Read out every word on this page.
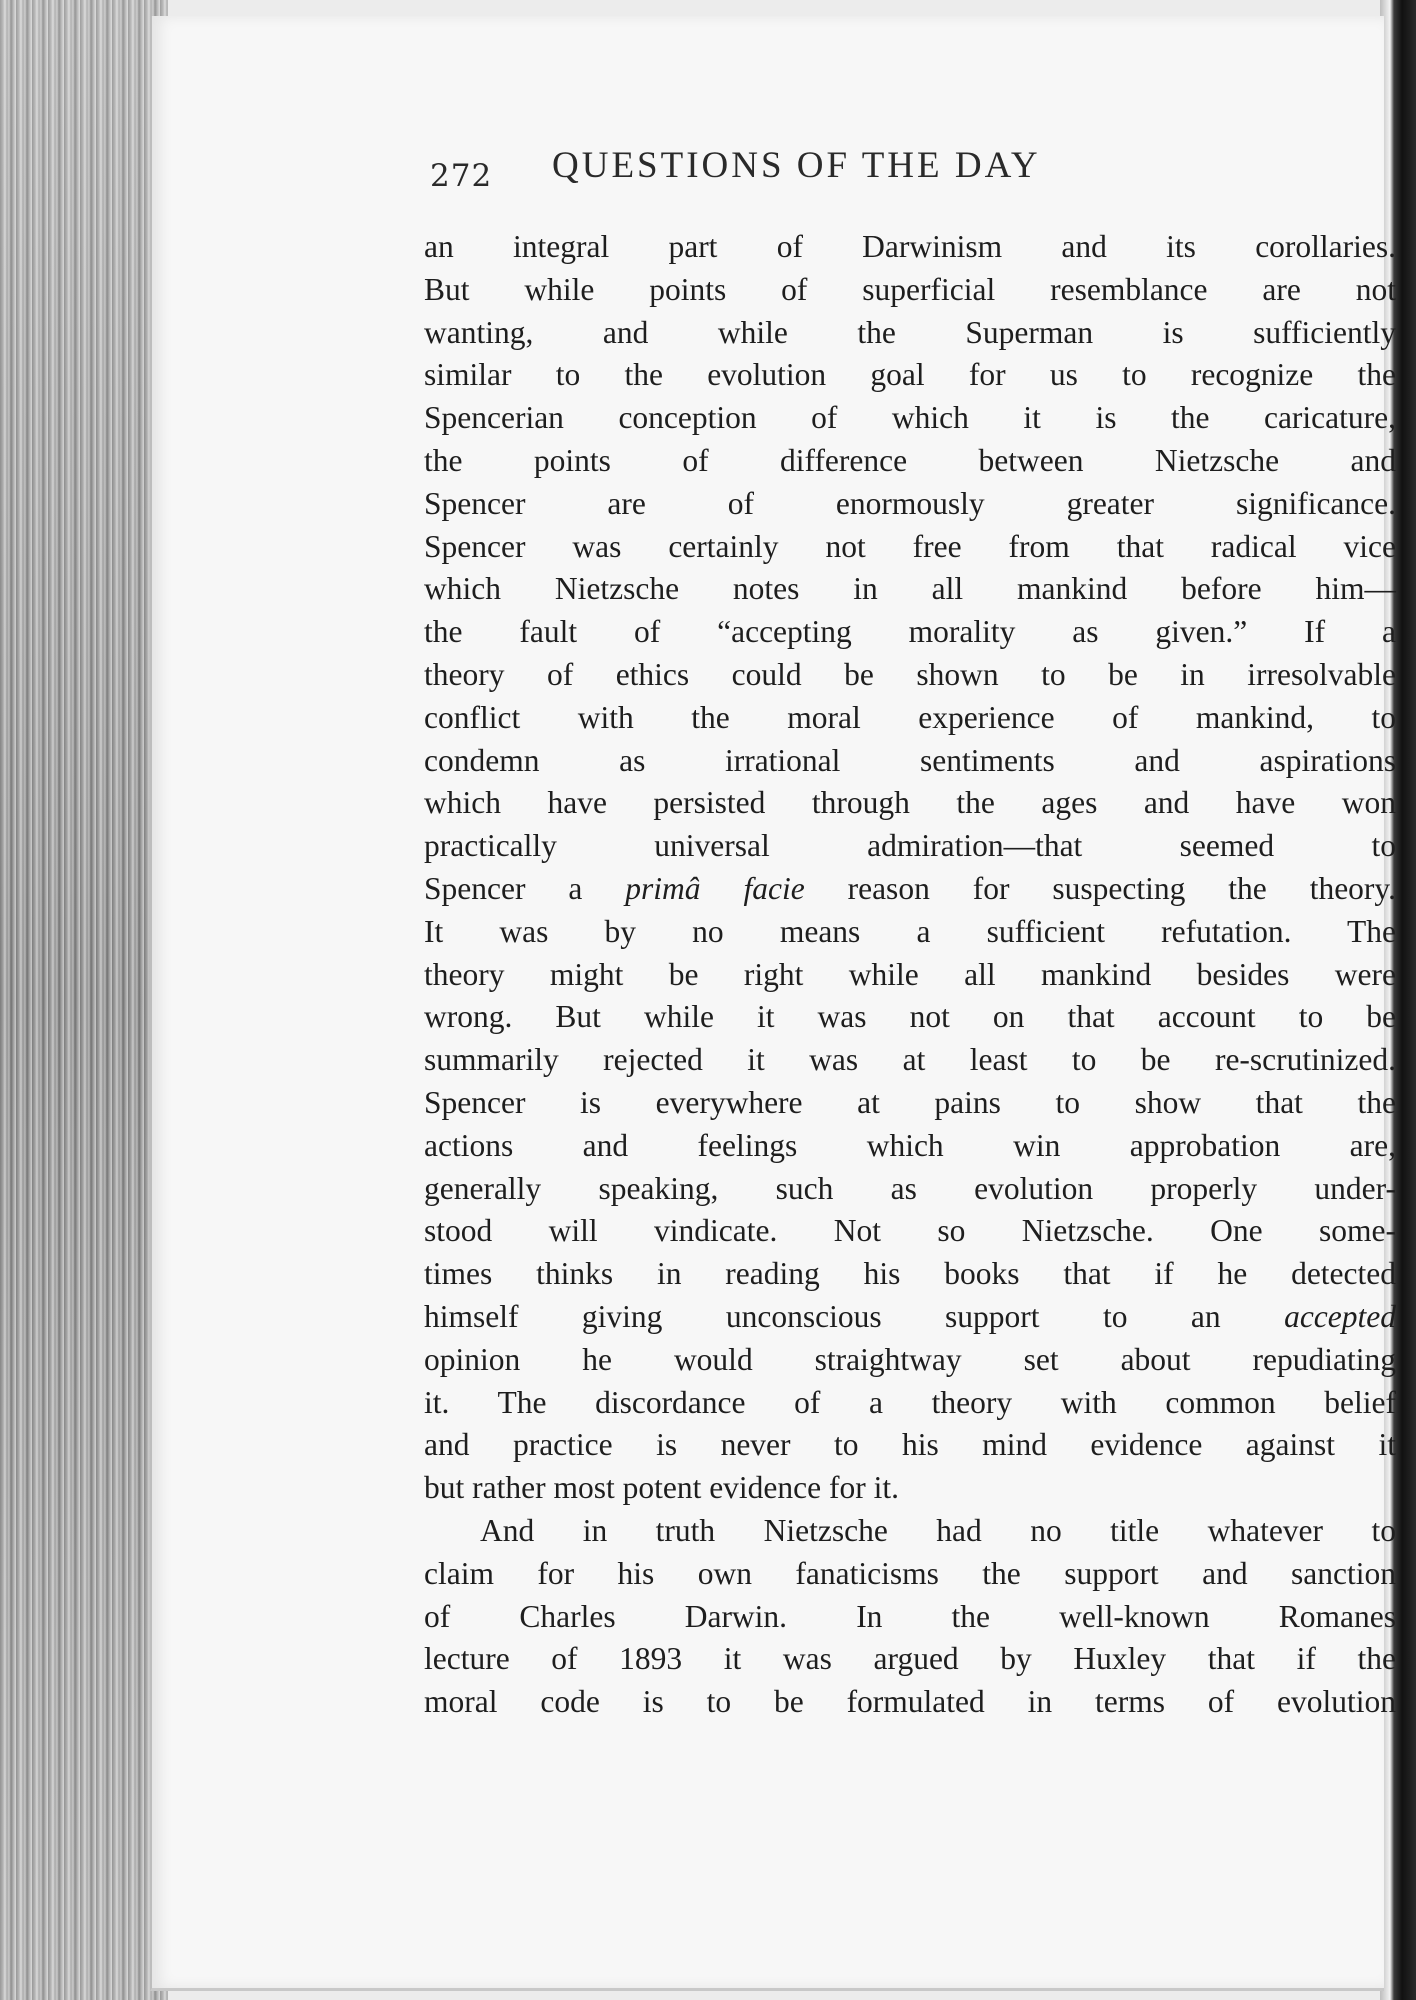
272 QUESTIONS OF THE DAY
an integral part of Darwinism and its corollaries.
But while points of superficial resemblance are not
wanting, and while the Superman is sufficiently
similar to the evolution goal for us to recognize the
Spencerian conception of which it is the caricature,
the points of difference between Nietzsche and
Spencer are of enormously greater significance.
Spencer was certainly not free from that radical vice
which Nietzsche notes in all mankind before him—
the fault of “accepting morality as given.” If a
theory of ethics could be shown to be in irresolvable
conflict with the moral experience of mankind, to
condemn as irrational sentiments and aspirations
which have persisted through the ages and have won
practically universal admiration—that seemed to
Spencer a primâ facie reason for suspecting the theory.
It was by no means a sufficient refutation. The
theory might be right while all mankind besides were
wrong. But while it was not on that account to be
summarily rejected it was at least to be re-scrutinized.
Spencer is everywhere at pains to show that the
actions and feelings which win approbation are,
generally speaking, such as evolution properly under-
stood will vindicate. Not so Nietzsche. One some-
times thinks in reading his books that if he detected
himself giving unconscious support to an accepted
opinion he would straightway set about repudiating
it. The discordance of a theory with common belief
and practice is never to his mind evidence against it
but rather most potent evidence for it.
And in truth Nietzsche had no title whatever to
claim for his own fanaticisms the support and sanction
of Charles Darwin. In the well-known Romanes
lecture of 1893 it was argued by Huxley that if the
moral code is to be formulated in terms of evolution
